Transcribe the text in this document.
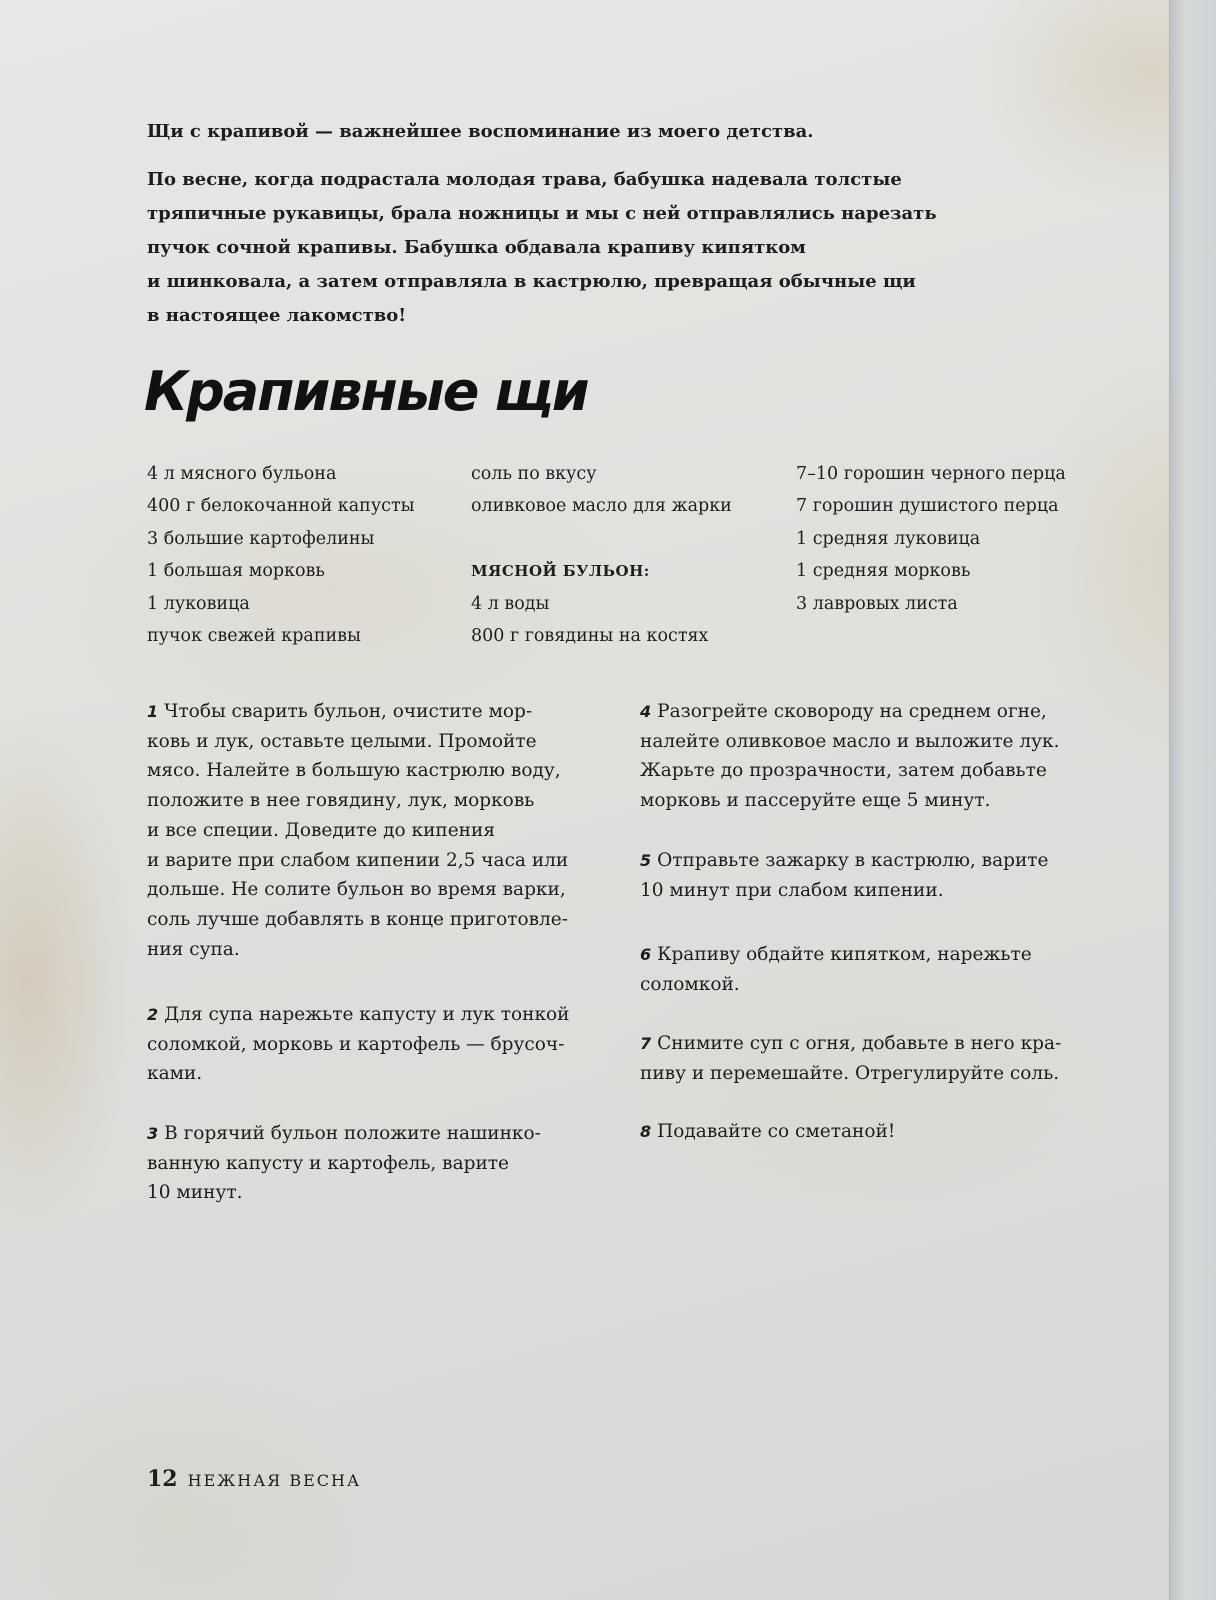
Щи с крапивой — важнейшее воспоминание из моего детства.

По весне, когда подрастала молодая трава, бабушка надевала толстые
тряпичные рукавицы, брала ножницы и мы с ней отправлялись нарезать
пучок сочной крапивы. Бабушка обдавала крапиву кипятком
и шинковала, а затем отправляла в кастрюлю, превращая обычные щи
в настоящее лакомство!

Крапивные щи
4 л мясного бульона
400 г белокочанной капусты
3 большие картофелины
1 большая морковь
1 луковица
пучок свежей крапивы
соль по вкусу
оливковое масло для жарки
МЯСНОЙ БУЛЬОН:
4 л воды
800 г говядины на костях
7–10 горошин черного перца
7 горошин душистого перца
1 средняя луковица
1 средняя морковь
3 лавровых листа

1 Чтобы сварить бульон, очистите мор-
ковь и лук, оставьте целыми. Промойте
мясо. Налейте в большую кастрюлю воду,
положите в нее говядину, лук, морковь
и все специи. Доведите до кипения
и варите при слабом кипении 2,5 часа или
дольше. Не солите бульон во время варки,
соль лучше добавлять в конце приготовле-
ния супа.

2 Для супа нарежьте капусту и лук тонкой
соломкой, морковь и картофель — брусоч-
ками.

3 В горячий бульон положите нашинко-
ванную капусту и картофель, варите
10 минут.

4 Разогрейте сковороду на среднем огне,
налейте оливковое масло и выложите лук.
Жарьте до прозрачности, затем добавьте
морковь и пассеруйте еще 5 минут.

5 Отправьте зажарку в кастрюлю, варите
10 минут при слабом кипении.

6 Крапиву обдайте кипятком, нарежьте
соломкой.

7 Снимите суп с огня, добавьте в него кра-
пиву и перемешайте. Отрегулируйте соль.

8 Подавайте со сметаной!

12 НЕЖНАЯ ВЕСНА
